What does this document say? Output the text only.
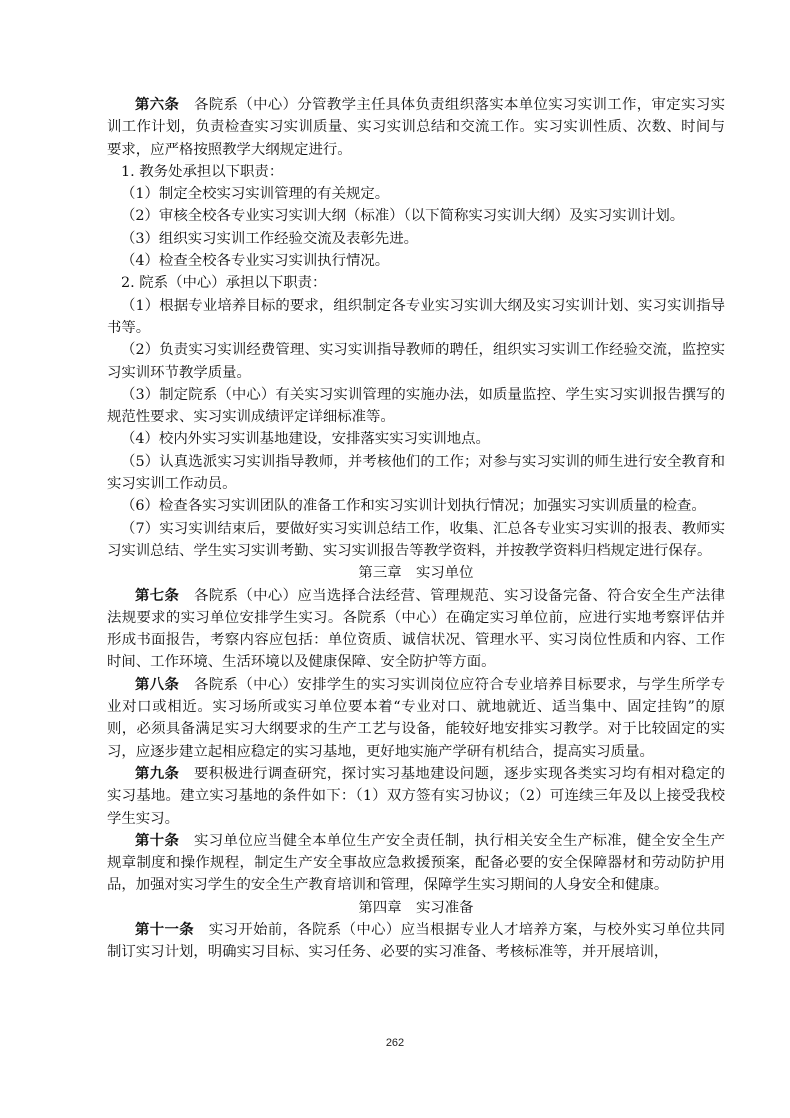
第六条　各院系（中心）分管教学主任具体负责组织落实本单位实习实训工作，审定实习实训工作计划，负责检查实习实训质量、实习实训总结和交流工作。实习实训性质、次数、时间与要求，应严格按照教学大纲规定进行。

1. 教务处承担以下职责：

（1）制定全校实习实训管理的有关规定。

（2）审核全校各专业实习实训大纲（标准）（以下简称实习实训大纲）及实习实训计划。

（3）组织实习实训工作经验交流及表彰先进。

（4）检查全校各专业实习实训执行情况。

2. 院系（中心）承担以下职责：

（1）根据专业培养目标的要求，组织制定各专业实习实训大纲及实习实训计划、实习实训指导书等。

（2）负责实习实训经费管理、实习实训指导教师的聘任，组织实习实训工作经验交流，监控实习实训环节教学质量。

（3）制定院系（中心）有关实习实训管理的实施办法，如质量监控、学生实习实训报告撰写的规范性要求、实习实训成绩评定详细标准等。

（4）校内外实习实训基地建设，安排落实实习实训地点。

（5）认真选派实习实训指导教师，并考核他们的工作；对参与实习实训的师生进行安全教育和实习实训工作动员。

（6）检查各实习实训团队的准备工作和实习实训计划执行情况；加强实习实训质量的检查。

（7）实习实训结束后，要做好实习实训总结工作，收集、汇总各专业实习实训的报表、教师实习实训总结、学生实习实训考勤、实习实训报告等教学资料，并按教学资料归档规定进行保存。

第三章　实习单位

第七条　各院系（中心）应当选择合法经营、管理规范、实习设备完备、符合安全生产法律法规要求的实习单位安排学生实习。各院系（中心）在确定实习单位前，应进行实地考察评估并形成书面报告，考察内容应包括：单位资质、诚信状况、管理水平、实习岗位性质和内容、工作时间、工作环境、生活环境以及健康保障、安全防护等方面。

第八条　各院系（中心）安排学生的实习实训岗位应符合专业培养目标要求，与学生所学专业对口或相近。实习场所或实习单位要本着“专业对口、就地就近、适当集中、固定挂钩”的原则，必须具备满足实习大纲要求的生产工艺与设备，能较好地安排实习教学。对于比较固定的实习，应逐步建立起相应稳定的实习基地，更好地实施产学研有机结合，提高实习质量。

第九条　要积极进行调查研究，探讨实习基地建设问题，逐步实现各类实习均有相对稳定的实习基地。建立实习基地的条件如下：（1）双方签有实习协议；（2）可连续三年及以上接受我校学生实习。

第十条　实习单位应当健全本单位生产安全责任制，执行相关安全生产标准，健全安全生产规章制度和操作规程，制定生产安全事故应急救援预案，配备必要的安全保障器材和劳动防护用品，加强对实习学生的安全生产教育培训和管理，保障学生实习期间的人身安全和健康。

第四章　实习准备

第十一条　实习开始前，各院系（中心）应当根据专业人才培养方案，与校外实习单位共同制订实习计划，明确实习目标、实习任务、必要的实习准备、考核标准等，并开展培训，

262
